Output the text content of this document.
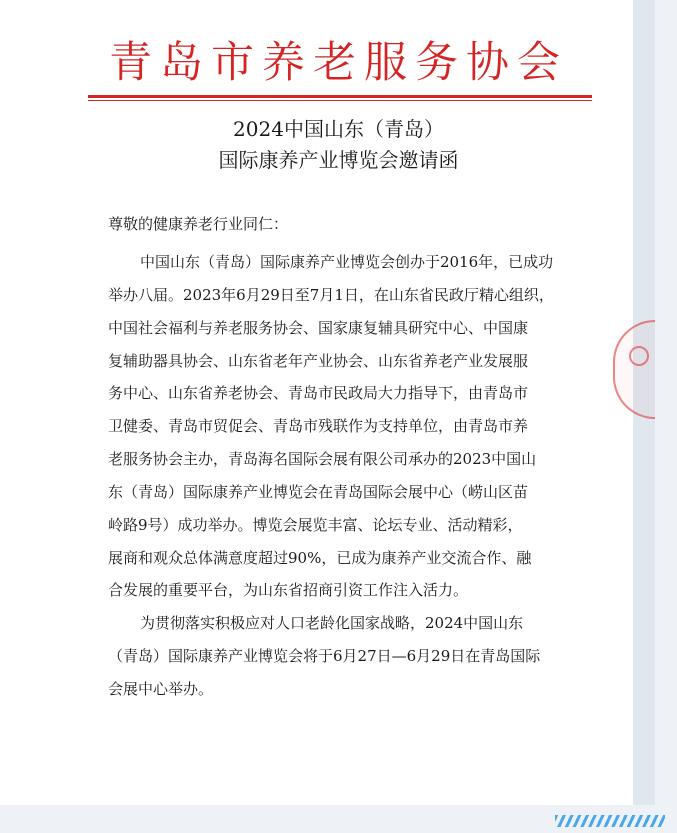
青岛市养老服务协会
2024中国山东（青岛）
国际康养产业博览会邀请函
尊敬的健康养老行业同仁：
中国山东（青岛）国际康养产业博览会创办于2016年，已成功
举办八届。2023年6月29日至7月1日，在山东省民政厅精心组织，
中国社会福利与养老服务协会、国家康复辅具研究中心、中国康
复辅助器具协会、山东省老年产业协会、山东省养老产业发展服
务中心、山东省养老协会、青岛市民政局大力指导下，由青岛市
卫健委、青岛市贸促会、青岛市残联作为支持单位，由青岛市养
老服务协会主办，青岛海名国际会展有限公司承办的2023中国山
东（青岛）国际康养产业博览会在青岛国际会展中心（崂山区苗
岭路9号）成功举办。博览会展览丰富、论坛专业、活动精彩，
展商和观众总体满意度超过90%，已成为康养产业交流合作、融
合发展的重要平台，为山东省招商引资工作注入活力。
为贯彻落实积极应对人口老龄化国家战略，2024中国山东
（青岛）国际康养产业博览会将于6月27日—6月29日在青岛国际
会展中心举办。
